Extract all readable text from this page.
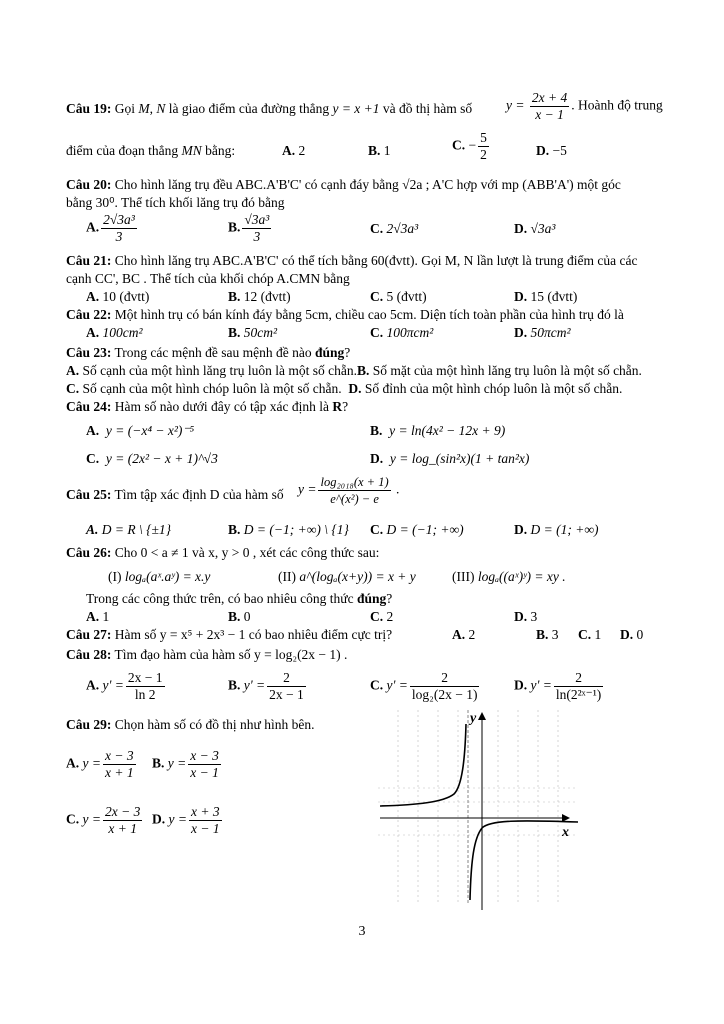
Câu 19: Gọi M, N là giao điểm của đường thẳng y = x +1 và đồ thị hàm số	$y = \frac{2x + 4}{x - 1}$ . Hoành độ trung
điểm của đoạn thẳng MN bằng:	A. 2	B. 1	C. − $\frac{5}{2}$	D. −5
Câu 20: Cho hình lăng trụ đều ABC.A'B'C' có cạnh đáy bằng √2a ; A'C hợp với mp (ABB'A') một góc
bằng 30⁰. Thể tích khối lăng trụ đó bằng
A. $\frac{\text{2√3a³}}{3}$	B. $\frac{\text{√3a³}}{3}$	C. 2√3a³	D. √3a³
Câu 21: Cho hình lăng trụ ABC.A'B'C' có thể tích bằng 60(đvtt). Gọi M, N lần lượt là trung điểm của các
cạnh CC', BC . Thể tích của khối chóp A.CMN bằng
A. 10 (đvtt)	B. 12 (đvtt)	C. 5 (đvtt)	D. 15 (đvtt)
Câu 22: Một hình trụ có bán kính đáy bằng 5cm, chiều cao 5cm. Diện tích toàn phần của hình trụ đó là
A. 100cm²	B. 50cm²	C. 100πcm²	D. 50πcm²
Câu 23: Trong các mệnh đề sau mệnh đề nào đúng?
A. Số cạnh của một hình lăng trụ luôn là một số chẵn.B. Số mặt của một hình lăng trụ luôn là một số chẵn.
C. Số cạnh của một hình chóp luôn là một số chẵn. D. Số đỉnh của một hình chóp luôn là một số chẵn.
Câu 24: Hàm số nào dưới đây có tập xác định là R?
A. y = (−x⁴ − x²)⁻⁵	B. y = ln(4x² − 12x + 9)
C. y = (2x² − x + 1)^√3	D. y = log_(sin²x)(1 + tan²x)
Câu 25: Tìm tập xác định D của hàm số $y = \frac{\text{log₂₀₁₈(x + 1)}}{\text{e\textasciicircum{}(x²) − e}}$ .
A. D = R \ {±1}	B. D = (−1; +∞) \ {1} C. D = (−1; +∞)	D. D = (1; +∞)
Câu 26: Cho 0 < a ≠ 1 và x, y > 0 , xét các công thức sau:
(I) logₐ(aˣ.aʸ) = x.y	(II) a^(logₐ(x+y)) = x + y	(III) logₐ((aˣ)ʸ) = xy .
Trong các công thức trên, có bao nhiêu công thức đúng?
A. 1	B. 0	C. 2	D. 3
Câu 27: Hàm số y = x⁵ + 2x³ − 1 có bao nhiêu điểm cực trị?	A. 2	B. 3 C. 1 D. 0
Câu 28: Tìm đạo hàm của hàm số y = log₂(2x − 1) .
A. $y' = \frac{2x - 1}{\ln 2}$	B. $y' = \frac{2}{2x - 1}$	C. $y' = \frac{2}{\text{log₂(2x − 1)}}$	D. $y' = \frac{2}{\text{ln(2²ˣ⁻¹)}}$
Câu 29: Chọn hàm số có đồ thị như hình bên.
A. $y = \frac{x - 3}{x + 1} B$. $y = \frac{x - 3}{x - 1}$
C. $y = \frac{2x - 3}{x + 1} D$. $y = \frac{x + 3}{x - 1}$	x
y
3
